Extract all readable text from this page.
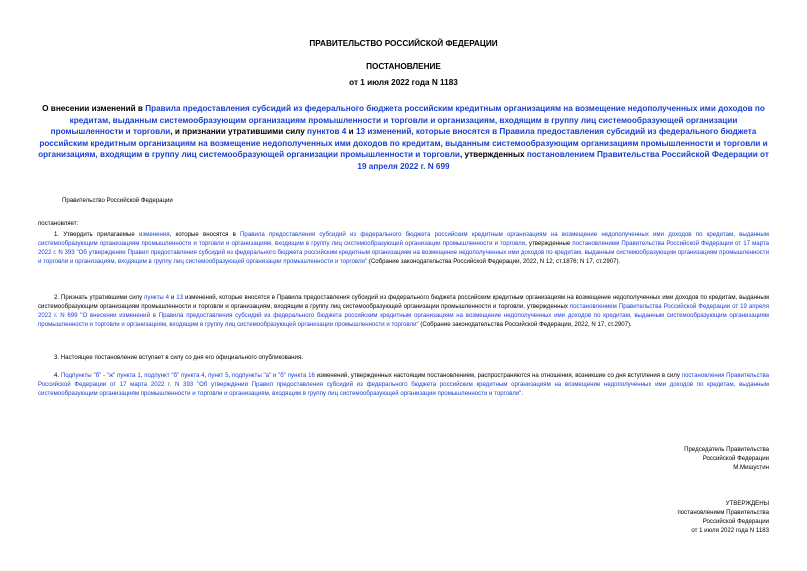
ПРАВИТЕЛЬСТВО РОССИЙСКОЙ ФЕДЕРАЦИИ
ПОСТАНОВЛЕНИЕ
от 1 июля 2022 года N 1183
О внесении изменений в Правила предоставления субсидий из федерального бюджета российским кредитным организациям на возмещение недополученных ими доходов по кредитам, выданным системообразующим организациям промышленности и торговли и организациям, входящим в группу лиц системообразующей организации промышленности и торговли, и признании утратившими силу пунктов 4 и 13 изменений, которые вносятся в Правила предоставления субсидий из федерального бюджета российским кредитным организациям на возмещение недополученных ими доходов по кредитам, выданным системообразующим организациям промышленности и торговли и организациям, входящим в группу лиц системообразующей организации промышленности и торговли, утвержденных постановлением Правительства Российской Федерации от 19 апреля 2022 г. N 699
Правительство Российской Федерации
постановляет:
1. Утвердить прилагаемые изменения, которые вносятся в Правила предоставления субсидий из федерального бюджета российским кредитным организациям на возмещение недополученных ими доходов по кредитам, выданным системообразующим организациям промышленности и торговли и организациям, входящим в группу лиц системообразующей организации промышленности и торговли, утвержденные постановлением Правительства Российской Федерации от 17 марта 2022 г. N 393 "Об утверждении Правил предоставления субсидий из федерального бюджета российским кредитным организациям на возмещение недополученных ими доходов по кредитам, выданным системообразующим организациям промышленности и торговли и организациям, входящим в группу лиц системообразующей организации промышленности и торговли" (Собрание законодательства Российской Федерации, 2022, N 12, ст.1876; N 17, ст.2907).
2. Признать утратившими силу пункты 4 и 13 изменений, которые вносятся в Правила предоставления субсидий из федерального бюджета российским кредитным организациям на возмещение недополученных ими доходов по кредитам, выданным системообразующим организациям промышленности и торговли и организациям, входящим в группу лиц системообразующей организации промышленности и торговли, утвержденных постановлением Правительства Российской Федерации от 19 апреля 2022 г. N 699 "О внесении изменений в Правила предоставления субсидий из федерального бюджета российским кредитным организациям на возмещение недополученных ими доходов по кредитам, выданным системообразующим организациям промышленности и торговли и организациям, входящим в группу лиц системообразующей организации промышленности и торговли" (Собрание законодательства Российской Федерации, 2022, N 17, ст.2907).
3. Настоящее постановление вступает в силу со дня его официального опубликования.
4. Подпункты "б" - "ж" пункта 1, подпункт "б" пункта 4, пункт 5, подпункты "а" и "б" пункта 16 изменений, утвержденных настоящим постановлением, распространяются на отношения, возникшие со дня вступления в силу постановления Правительства Российской Федерации от 17 марта 2022 г. N 393 "Об утверждении Правил предоставления субсидий из федерального бюджета российским кредитным организациям на возмещение недополученных ими доходов по кредитам, выданным системообразующим организациям промышленности и торговли и организациям, входящим в группу лиц системообразующей организации промышленности и торговли".
Председатель Правительства
Российской Федерации
М.Мишустин
УТВЕРЖДЕНЫ
постановлением Правительства
Российской Федерации
от 1 июля 2022 года N 1183
